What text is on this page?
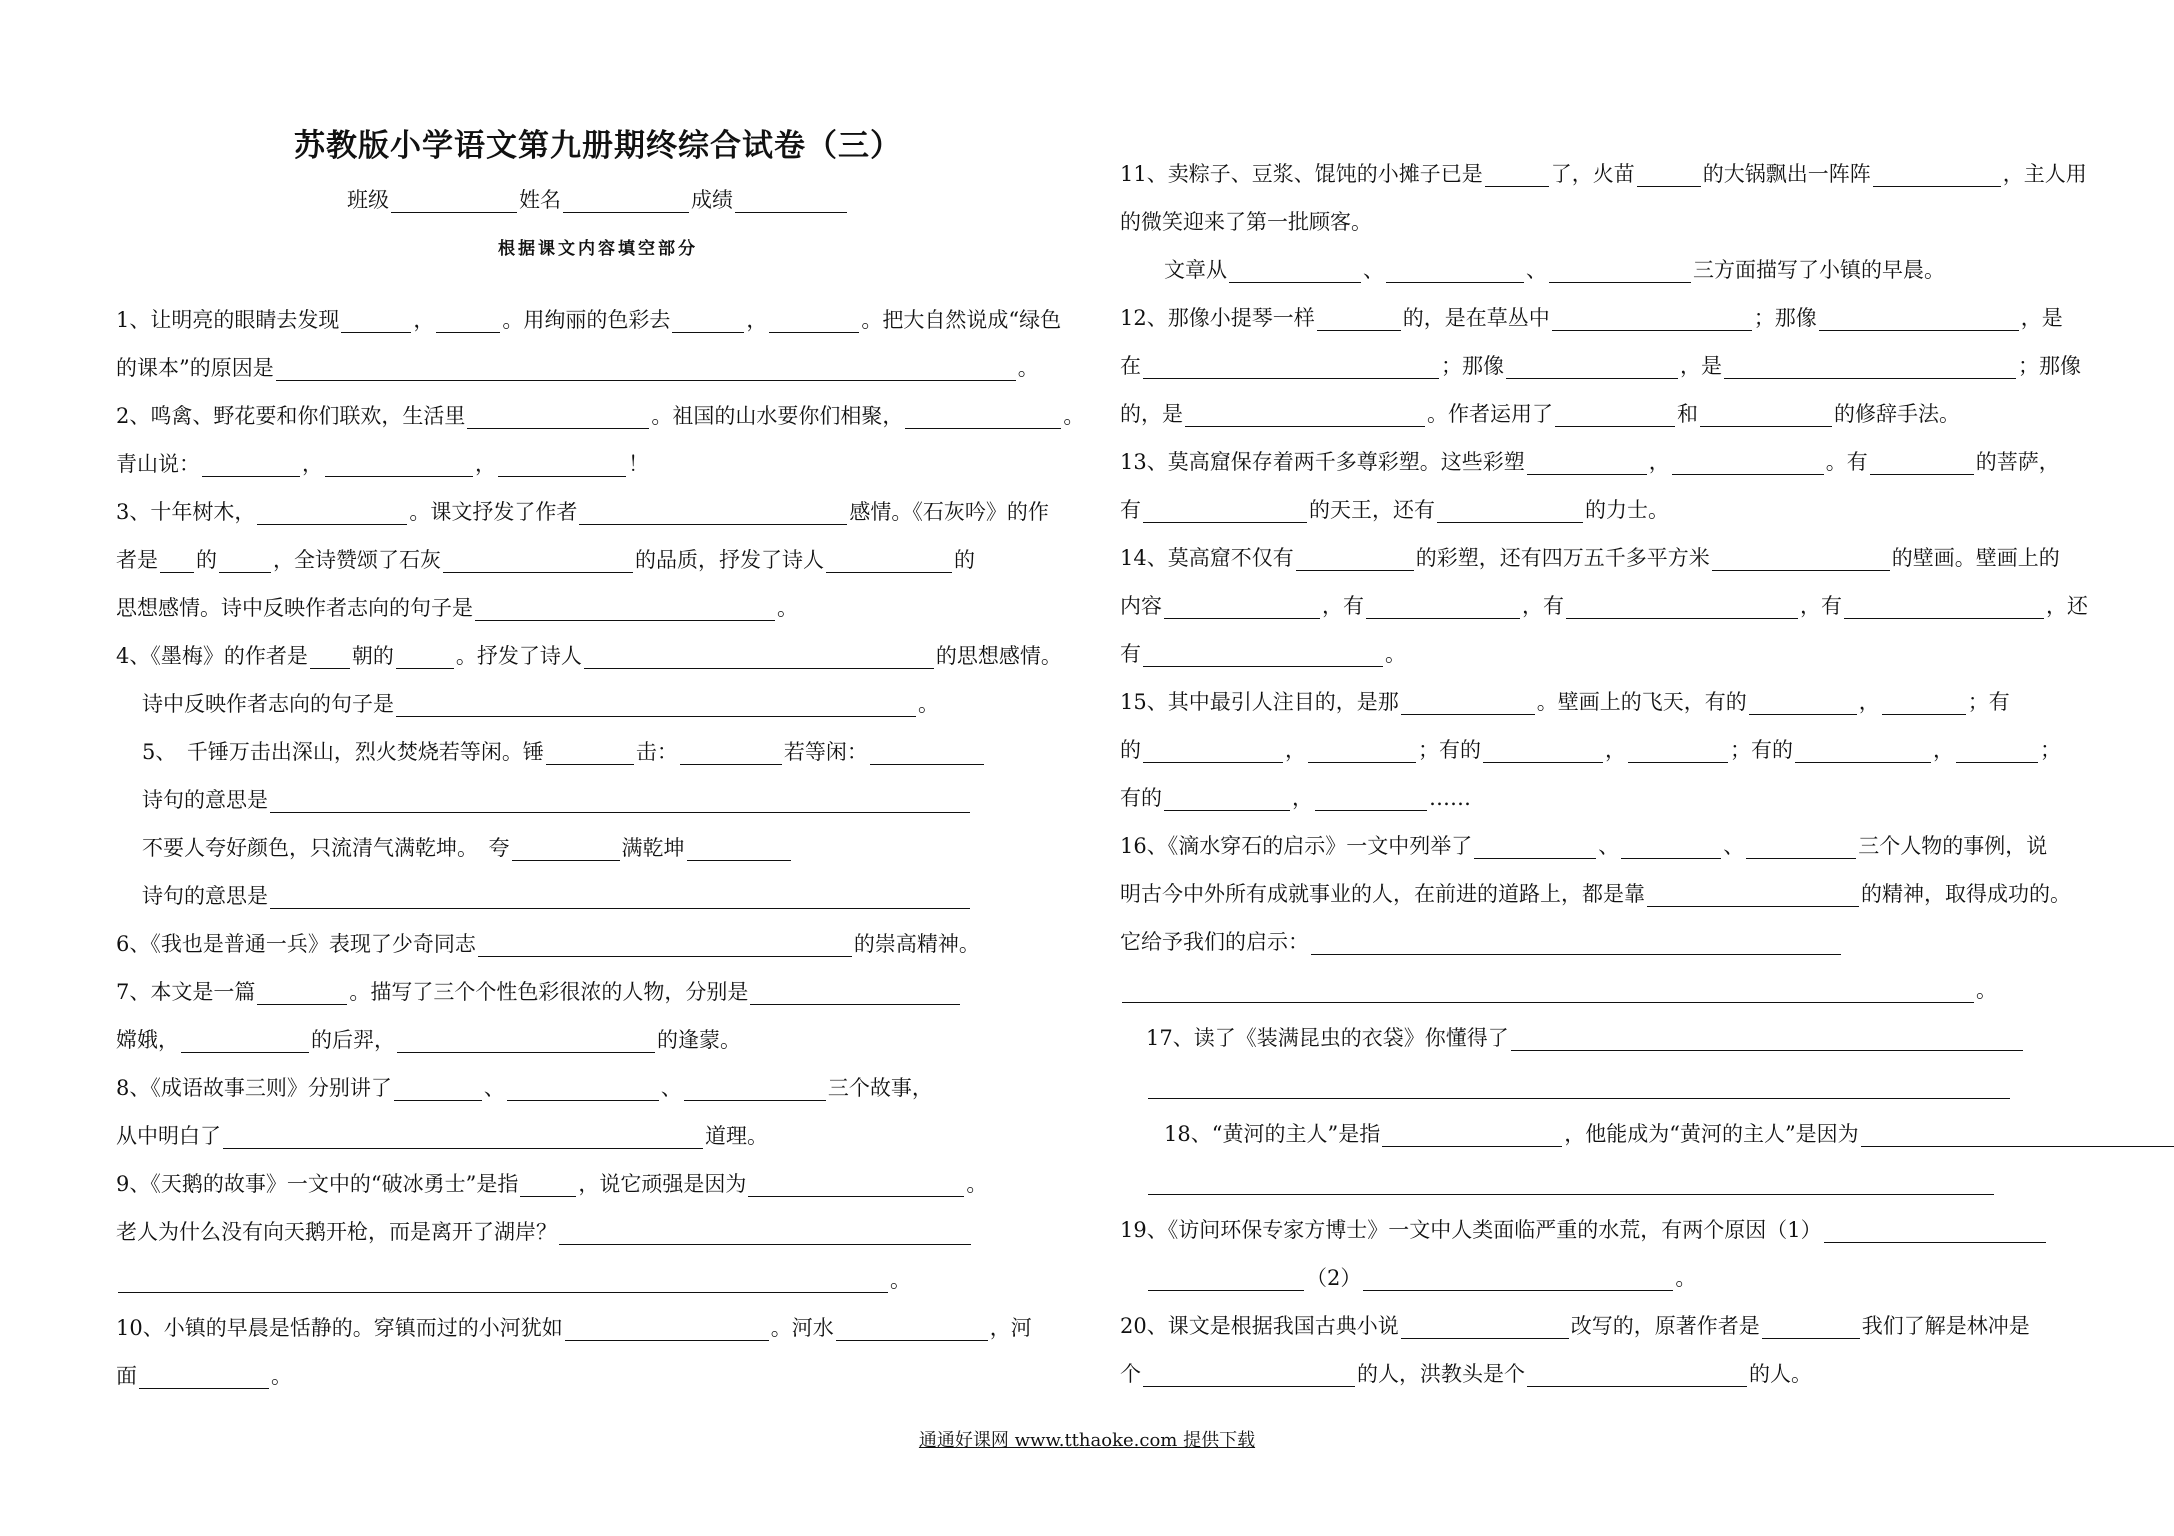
苏教版小学语文第九册期终综合试卷（三）
班级	姓名	成绩
根据课文内容填空部分
1、让明亮的眼睛去发现	，	。用绚丽的色彩去	，	。把大自然说成“绿色
的课本”的原因是	。
2、鸣禽、野花要和你们联欢，生活里	。祖国的山水要你们相聚，	。
青山说：	，	，	！
3、十年树木，	。课文抒发了作者	感情。《石灰吟》的作
者是 的	，全诗赞颂了石灰	的品质，抒发了诗人	的
思想感情。诗中反映作者志向的句子是	。
4、《墨梅》的作者是 朝的	。抒发了诗人	的思想感情。
诗中反映作者志向的句子是	。
5、　千锤万击出深山，烈火焚烧若等闲。锤	击：	若等闲：
诗句的意思是
不要人夸好颜色，只流清气满乾坤。　夸	满乾坤
诗句的意思是
6、《我也是普通一兵》表现了少奇同志	的崇高精神。
7、本文是一篇	。描写了三个个性色彩很浓的人物，分别是
嫦娥，	的后羿，	的逢蒙。
8、《成语故事三则》分别讲了	、	、	三个故事，
从中明白了	道理。
9、《天鹅的故事》一文中的“破冰勇士”是指	，说它顽强是因为	。
老人为什么没有向天鹅开枪，而是离开了湖岸？
。
10、小镇的早晨是恬静的。穿镇而过的小河犹如	。河水	，河
面	。
11、卖粽子、豆浆、馄饨的小摊子已是	了，火苗	的大锅飘出一阵阵	，主人用
的微笑迎来了第一批顾客。
文章从	、	、	三方面描写了小镇的早晨。
12、那像小提琴一样	的，是在草丛中	；那像	，是
在	；那像	，是	；那像
的，是	。作者运用了	和	的修辞手法。
13、莫高窟保存着两千多尊彩塑。这些彩塑	，	。有	的菩萨，
有	的天王，还有	的力士。
14、莫高窟不仅有	的彩塑，还有四万五千多平方米	的壁画。壁画上的
内容	，有	，有	，有	，还
有	。
15、其中最引人注目的，是那	。壁画上的飞天，有的	，	；有
的	，	；有的	，	；有的	，	；
有的	，	……
16、《滴水穿石的启示》一文中列举了	、	、	三个人物的事例，说
明古今中外所有成就事业的人，在前进的道路上，都是靠	的精神，取得成功的。
它给予我们的启示：
。
17、读了《装满昆虫的衣袋》你懂得了
18、“黄河的主人”是指	，他能成为“黄河的主人”是因为
19、《访问环保专家方博士》一文中人类面临严重的水荒，有两个原因（1）
（2）	。
20、课文是根据我国古典小说	改写的，原著作者是	我们了解是林冲是
个	的人，洪教头是个	的人。
通通好课网 www.tthaoke.com 提供下载
